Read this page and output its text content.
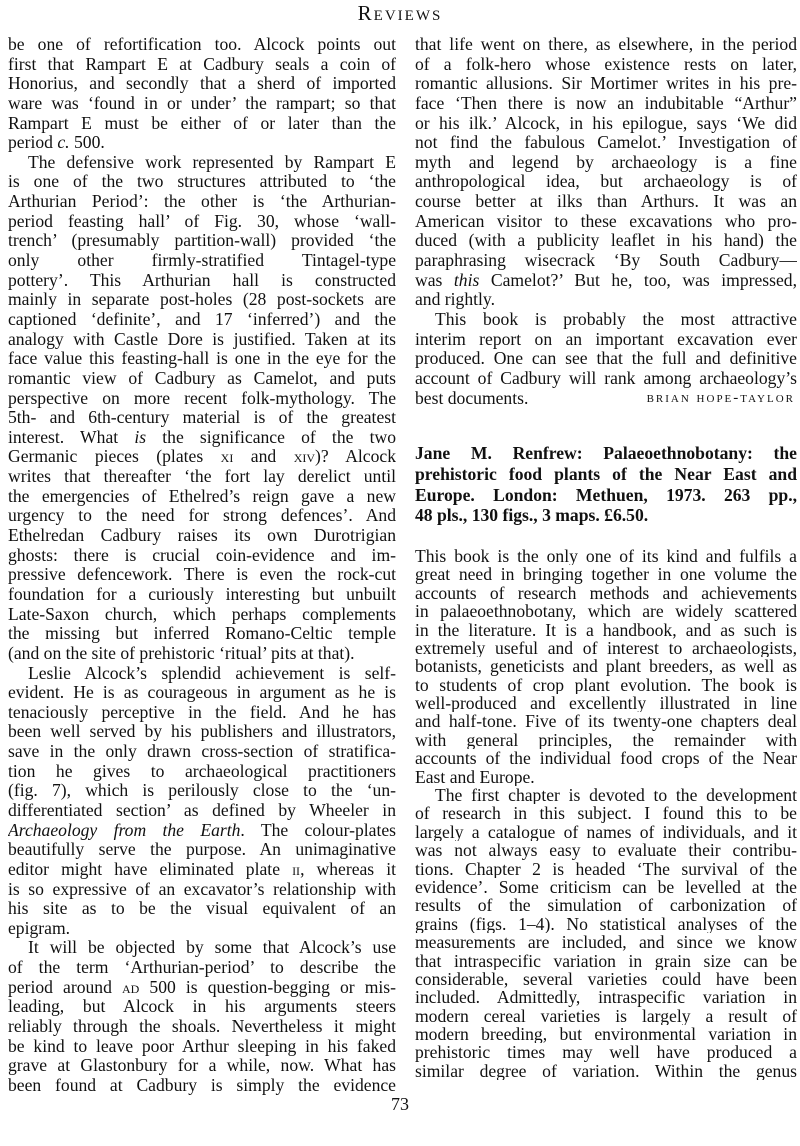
Reviews
be one of refortification too. Alcock points out
first that Rampart E at Cadbury seals a coin of
Honorius, and secondly that a sherd of imported
ware was ‘found in or under’ the rampart; so that
Rampart E must be either of or later than the
period c. 500.
The defensive work represented by Rampart E
is one of the two structures attributed to ‘the
Arthurian Period’: the other is ‘the Arthurian-
period feasting hall’ of Fig. 30, whose ‘wall-
trench’ (presumably partition-wall) provided ‘the
only other firmly-stratified Tintagel-type
pottery’. This Arthurian hall is constructed
mainly in separate post-holes (28 post-sockets are
captioned ‘definite’, and 17 ‘inferred’) and the
analogy with Castle Dore is justified. Taken at its
face value this feasting-hall is one in the eye for the
romantic view of Cadbury as Camelot, and puts
perspective on more recent folk-mythology. The
5th- and 6th-century material is of the greatest
interest. What is the significance of the two
Germanic pieces (plates xi and xiv)? Alcock
writes that thereafter ‘the fort lay derelict until
the emergencies of Ethelred’s reign gave a new
urgency to the need for strong defences’. And
Ethelredan Cadbury raises its own Durotrigian
ghosts: there is crucial coin-evidence and im-
pressive defencework. There is even the rock-cut
foundation for a curiously interesting but unbuilt
Late-Saxon church, which perhaps complements
the missing but inferred Romano-Celtic temple
(and on the site of prehistoric ‘ritual’ pits at that).
Leslie Alcock’s splendid achievement is self-
evident. He is as courageous in argument as he is
tenaciously perceptive in the field. And he has
been well served by his publishers and illustrators,
save in the only drawn cross-section of stratifica-
tion he gives to archaeological practitioners
(fig. 7), which is perilously close to the ‘un-
differentiated section’ as defined by Wheeler in
Archaeology from the Earth. The colour-plates
beautifully serve the purpose. An unimaginative
editor might have eliminated plate ii, whereas it
is so expressive of an excavator’s relationship with
his site as to be the visual equivalent of an
epigram.
It will be objected by some that Alcock’s use
of the term ‘Arthurian-period’ to describe the
period around ad 500 is question-begging or mis-
leading, but Alcock in his arguments steers
reliably through the shoals. Nevertheless it might
be kind to leave poor Arthur sleeping in his faked
grave at Glastonbury for a while, now. What has
been found at Cadbury is simply the evidence
that life went on there, as elsewhere, in the period
of a folk-hero whose existence rests on later,
romantic allusions. Sir Mortimer writes in his pre-
face ‘Then there is now an indubitable “Arthur”
or his ilk.’ Alcock, in his epilogue, says ‘We did
not find the fabulous Camelot.’ Investigation of
myth and legend by archaeology is a fine
anthropological idea, but archaeology is of
course better at ilks than Arthurs. It was an
American visitor to these excavations who pro-
duced (with a publicity leaflet in his hand) the
paraphrasing wisecrack ‘By South Cadbury—
was this Camelot?’ But he, too, was impressed,
and rightly.
This book is probably the most attractive
interim report on an important excavation ever
produced. One can see that the full and definitive
account of Cadbury will rank among archaeology’s
best documents.	brian hope-taylor
Jane M. Renfrew: Palaeoethnobotany: the
prehistoric food plants of the Near East and
Europe. London: Methuen, 1973. 263 pp.,
48 pls., 130 figs., 3 maps. £6.50.
This book is the only one of its kind and fulfils a
great need in bringing together in one volume the
accounts of research methods and achievements
in palaeoethnobotany, which are widely scattered
in the literature. It is a handbook, and as such is
extremely useful and of interest to archaeologists,
botanists, geneticists and plant breeders, as well as
to students of crop plant evolution. The book is
well-produced and excellently illustrated in line
and half-tone. Five of its twenty-one chapters deal
with general principles, the remainder with
accounts of the individual food crops of the Near
East and Europe.
The first chapter is devoted to the development
of research in this subject. I found this to be
largely a catalogue of names of individuals, and it
was not always easy to evaluate their contribu-
tions. Chapter 2 is headed ‘The survival of the
evidence’. Some criticism can be levelled at the
results of the simulation of carbonization of
grains (figs. 1–4). No statistical analyses of the
measurements are included, and since we know
that intraspecific variation in grain size can be
considerable, several varieties could have been
included. Admittedly, intraspecific variation in
modern cereal varieties is largely a result of
modern breeding, but environmental variation in
prehistoric times may well have produced a
similar degree of variation. Within the genus
73
